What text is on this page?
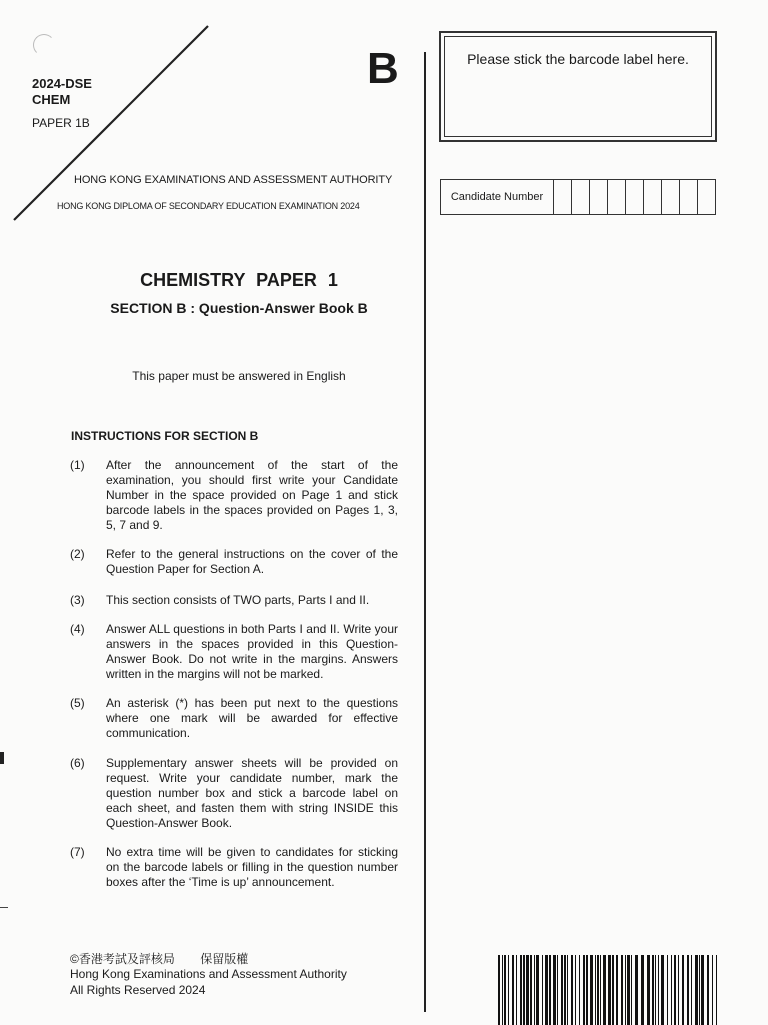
2024-DSE
CHEM
PAPER 1B
B
HONG KONG EXAMINATIONS AND ASSESSMENT AUTHORITY
HONG KONG DIPLOMA OF SECONDARY EDUCATION EXAMINATION 2024
Please stick the barcode label here.
Candidate Number
CHEMISTRY PAPER 1
SECTION B : Question-Answer Book B
This paper must be answered in English
INSTRUCTIONS FOR SECTION B
(1)	After the announcement of the start of the examination, you should first write your Candidate Number in the space provided on Page 1 and stick barcode labels in the spaces provided on Pages 1, 3, 5, 7 and 9.
(2)	Refer to the general instructions on the cover of the Question Paper for Section A.
(3)	This section consists of TWO parts, Parts I and II.
(4)	Answer ALL questions in both Parts I and II. Write your answers in the spaces provided in this Question-Answer Book. Do not write in the margins. Answers written in the margins will not be marked.
(5)	An asterisk (*) has been put next to the questions where one mark will be awarded for effective communication.
(6)	Supplementary answer sheets will be provided on request. Write your candidate number, mark the question number box and stick a barcode label on each sheet, and fasten them with string INSIDE this Question-Answer Book.
(7)	No extra time will be given to candidates for sticking on the barcode labels or filling in the question number boxes after the ‘Time is up’ announcement.
©香港考試及評核局 保留版權
Hong Kong Examinations and Assessment Authority
All Rights Reserved 2024
